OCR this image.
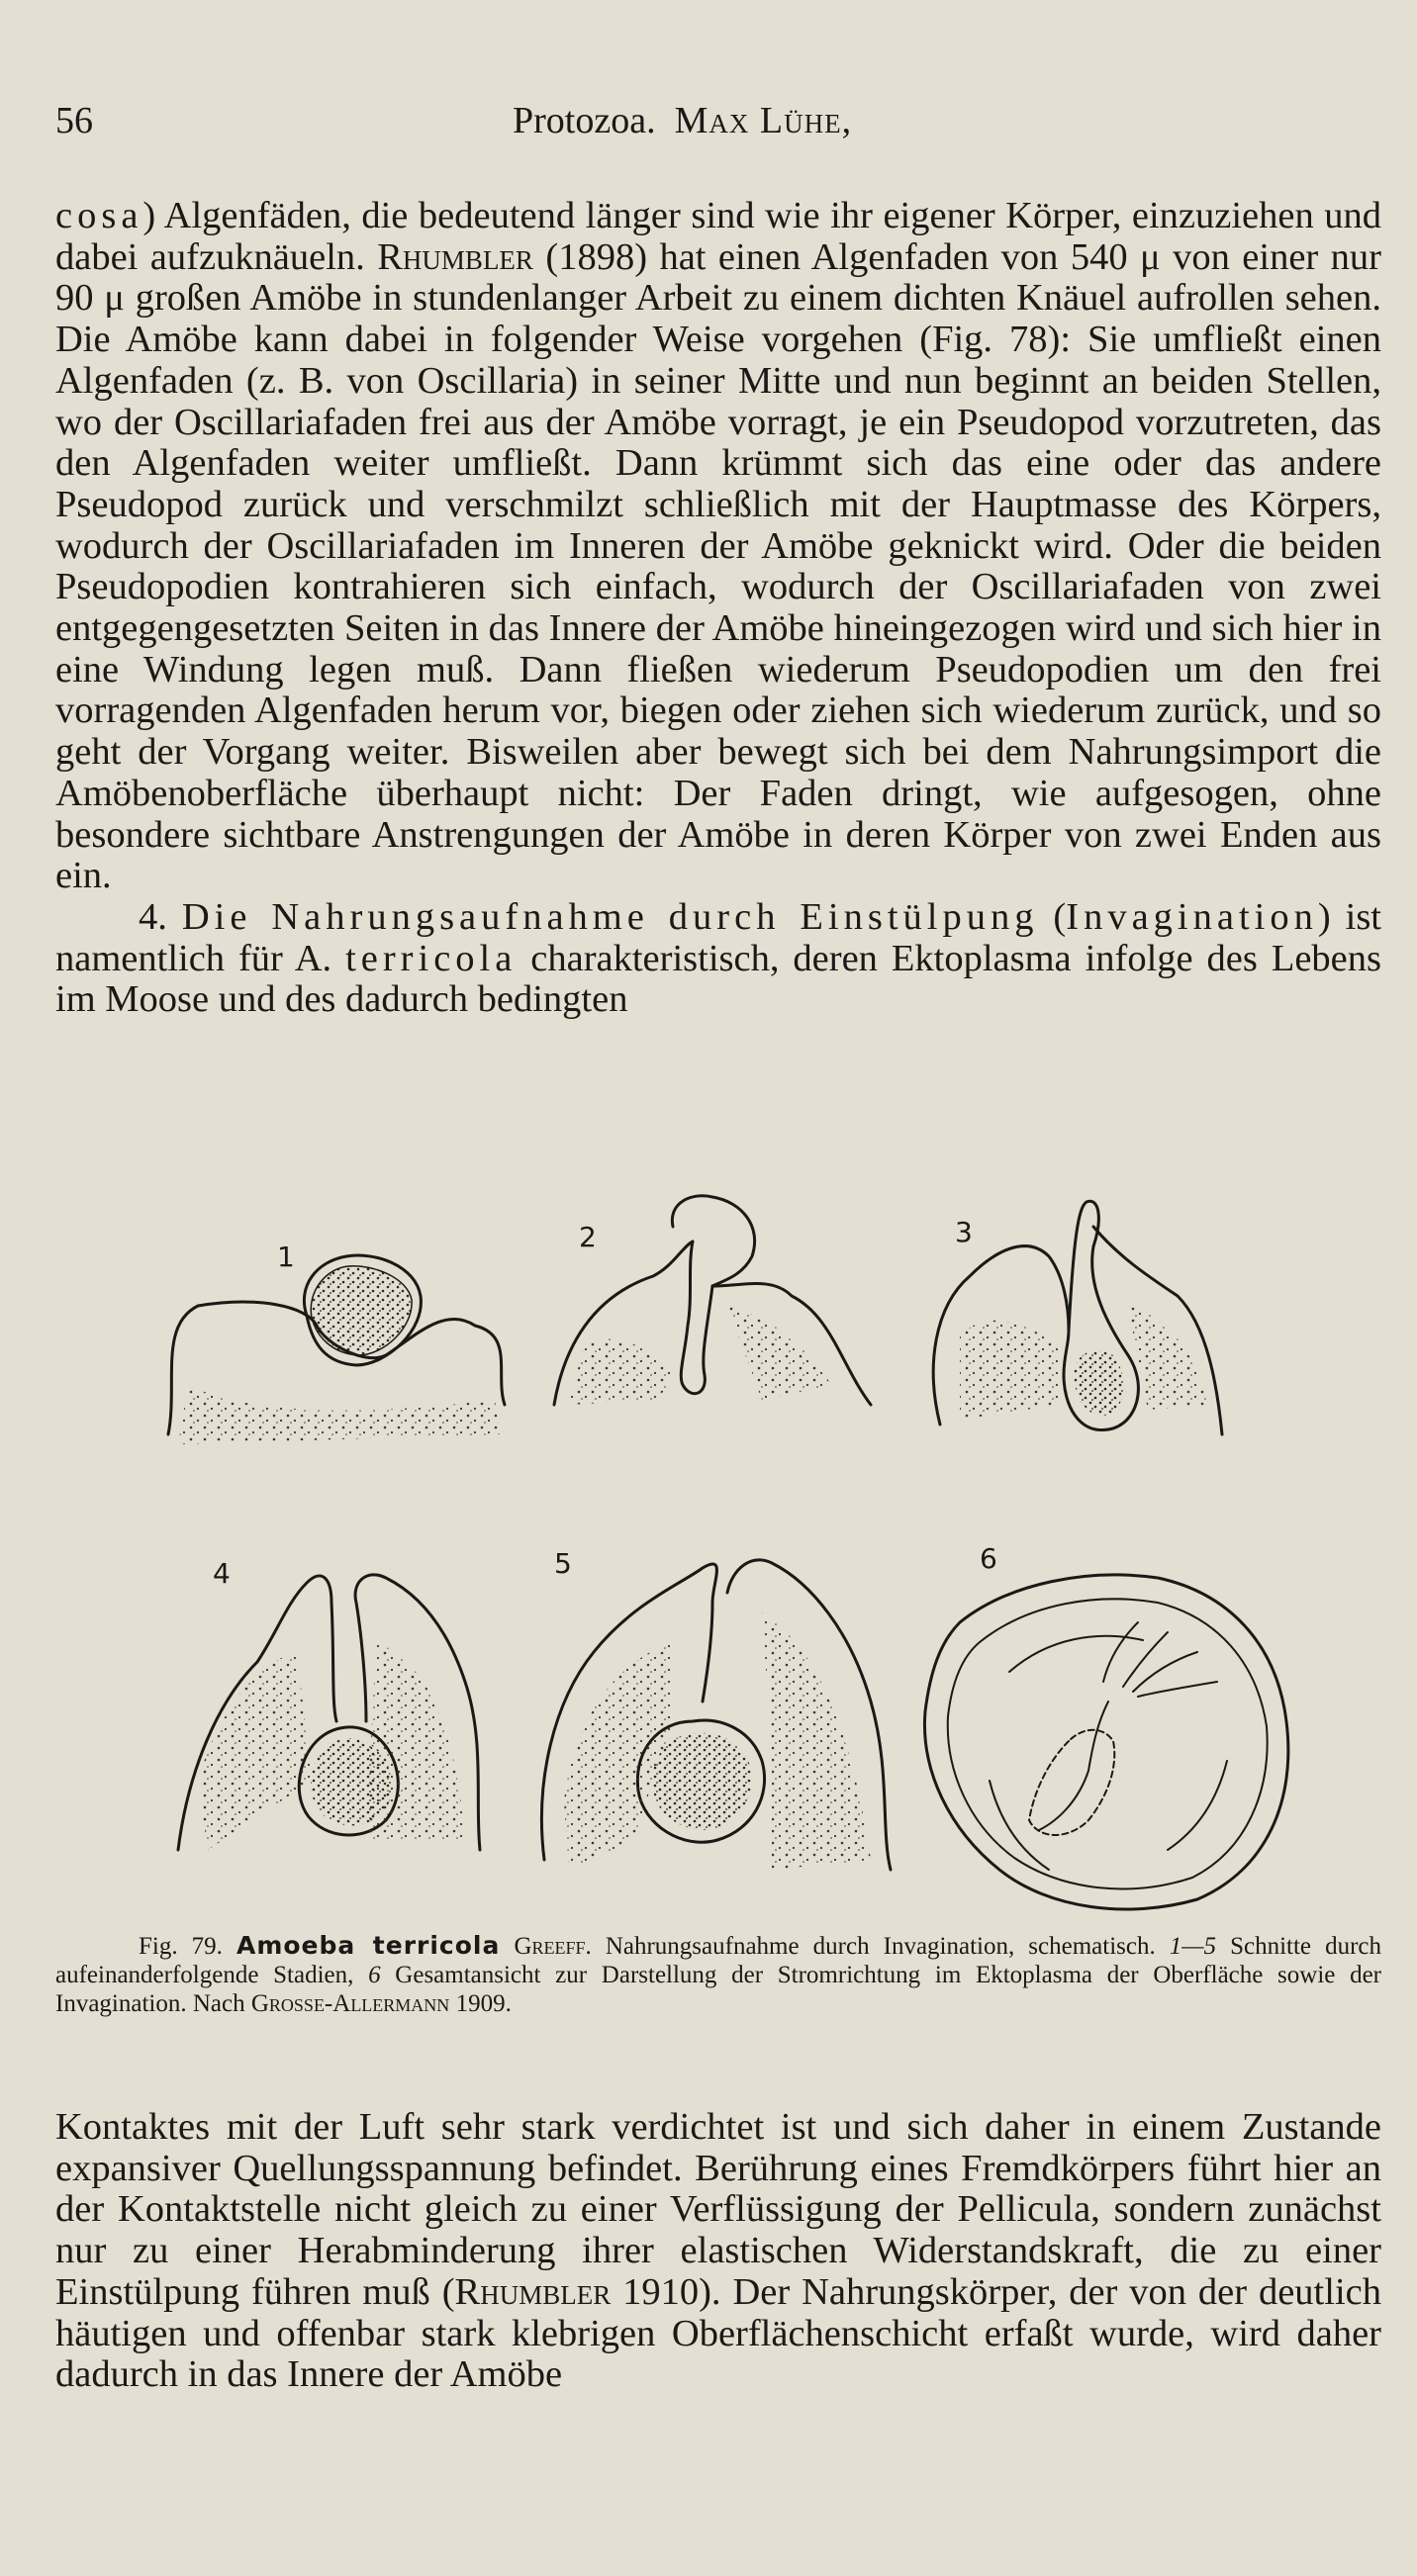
56	Protozoa. Max Lühe,

cosa) Algenfäden, die bedeutend länger sind wie ihr eigener Körper, einzuziehen und dabei aufzuknäueln. Rhumbler (1898) hat einen Algenfaden von 540 μ von einer nur 90 μ großen Amöbe in stundenlanger Arbeit zu einem dichten Knäuel aufrollen sehen. Die Amöbe kann dabei in folgender Weise vorgehen (Fig. 78): Sie umfließt einen Algenfaden (z. B. von Oscillaria) in seiner Mitte und nun beginnt an beiden Stellen, wo der Oscillariafaden frei aus der Amöbe vorragt, je ein Pseudopod vorzutreten, das den Algenfaden weiter umfließt. Dann krümmt sich das eine oder das andere Pseudopod zurück und verschmilzt schließlich mit der Hauptmasse des Körpers, wodurch der Oscillariafaden im Inneren der Amöbe geknickt wird. Oder die beiden Pseudopodien kontrahieren sich einfach, wodurch der Oscillariafaden von zwei entgegengesetzten Seiten in das Innere der Amöbe hineingezogen wird und sich hier in eine Windung legen muß. Dann fließen wiederum Pseudopodien um den frei vorragenden Algenfaden herum vor, biegen oder ziehen sich wiederum zurück, und so geht der Vorgang weiter. Bisweilen aber bewegt sich bei dem Nahrungsimport die Amöbenoberfläche überhaupt nicht: Der Faden dringt, wie aufgesogen, ohne besondere sichtbare Anstrengungen der Amöbe in deren Körper von zwei Enden aus ein.

4. Die Nahrungsaufnahme durch Einstülpung (Invagination) ist namentlich für A. terricola charakteristisch, deren Ektoplasma infolge des Lebens im Moose und des dadurch bedingten

1
2	3
4	5	6
Fig. 79. Amoeba terricola Greeff. Nahrungsaufnahme durch Invagination, schematisch. 1—5 Schnitte durch aufeinanderfolgende Stadien, 6 Gesamtansicht zur Darstellung der Stromrichtung im Ektoplasma der Oberfläche sowie der Invagination. Nach Grosse-Allermann 1909.

Kontaktes mit der Luft sehr stark verdichtet ist und sich daher in einem Zustande expansiver Quellungsspannung befindet. Berührung eines Fremdkörpers führt hier an der Kontaktstelle nicht gleich zu einer Verflüssigung der Pellicula, sondern zunächst nur zu einer Herabminderung ihrer elastischen Widerstandskraft, die zu einer Einstülpung führen muß (Rhumbler 1910). Der Nahrungskörper, der von der deutlich häutigen und offenbar stark klebrigen Oberflächenschicht erfaßt wurde, wird daher dadurch in das Innere der Amöbe
